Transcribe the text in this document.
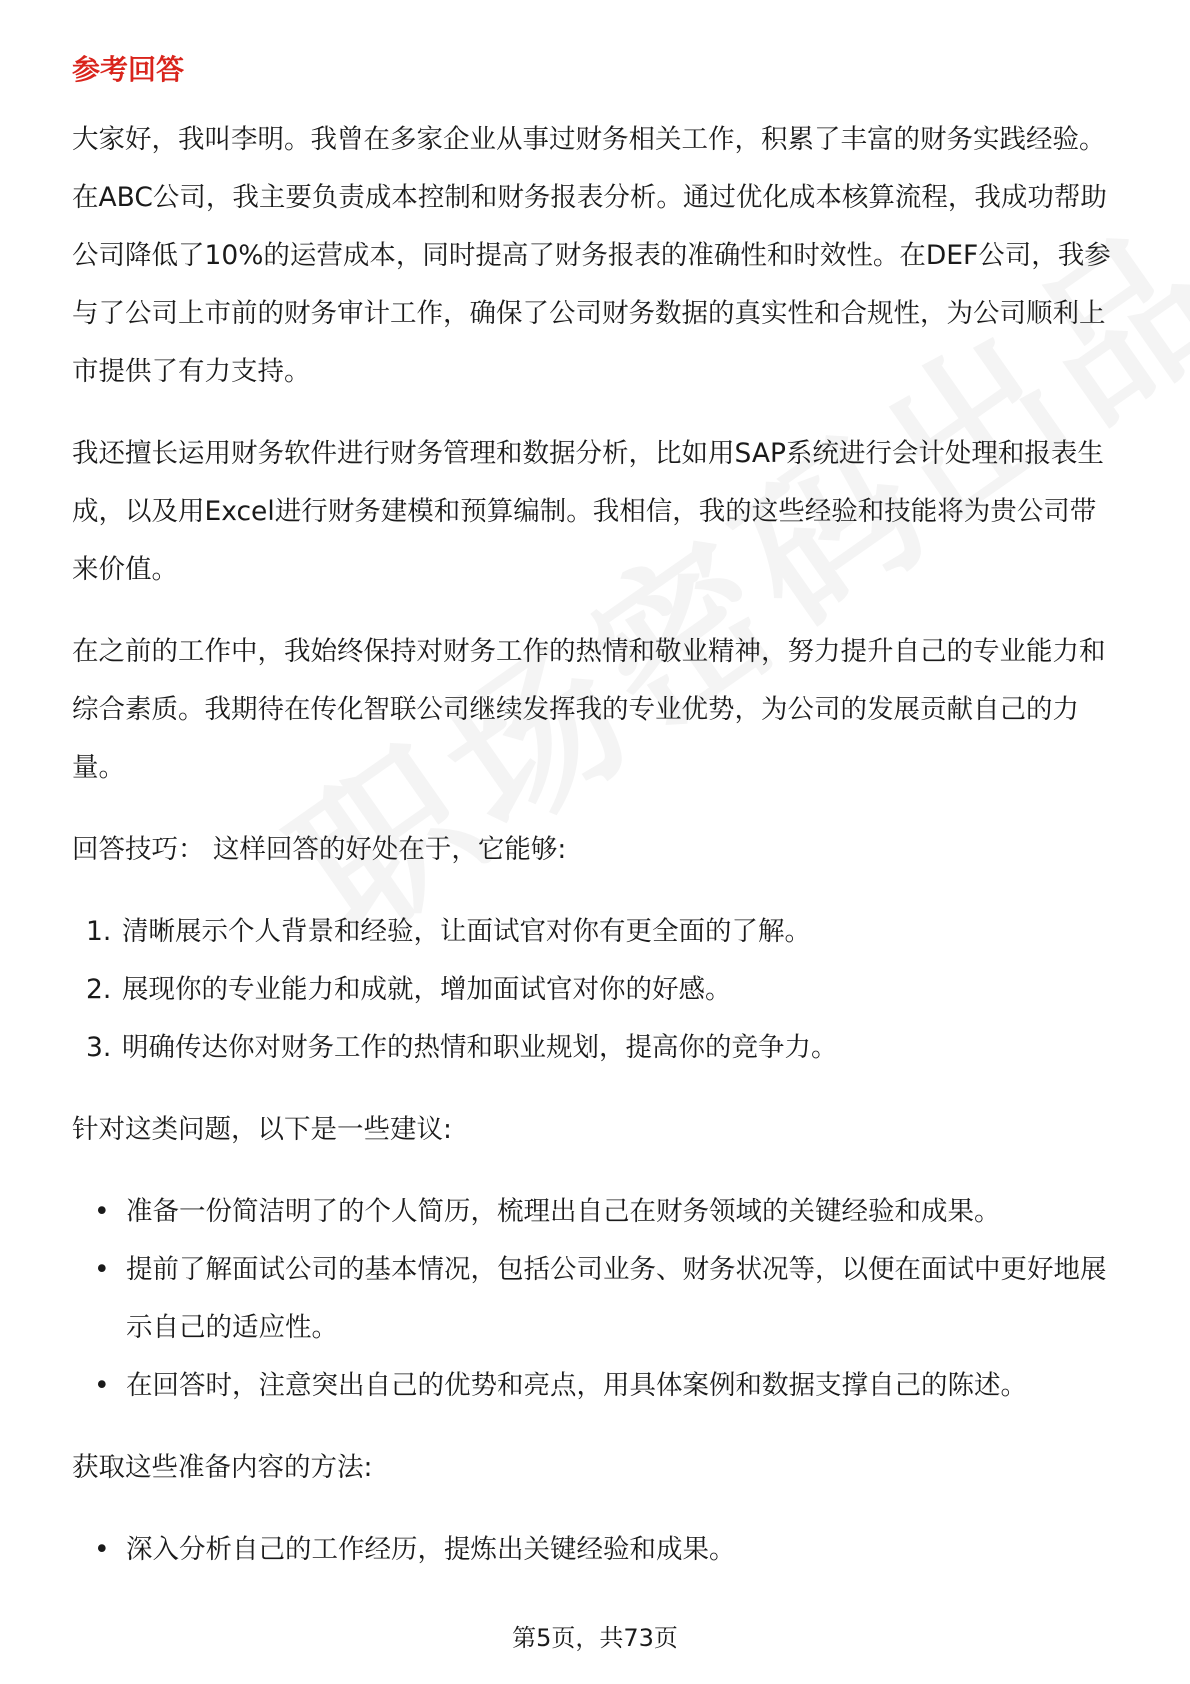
参考回答

大家好，我叫李明。我曾在多家企业从事过财务相关工作，积累了丰富的财务实践经验。在ABC公司，我主要负责成本控制和财务报表分析。通过优化成本核算流程，我成功帮助公司降低了10%的运营成本，同时提高了财务报表的准确性和时效性。在DEF公司，我参与了公司上市前的财务审计工作，确保了公司财务数据的真实性和合规性，为公司顺利上市提供了有力支持。

我还擅长运用财务软件进行财务管理和数据分析，比如用SAP系统进行会计处理和报表生成，以及用Excel进行财务建模和预算编制。我相信，我的这些经验和技能将为贵公司带来价值。

在之前的工作中，我始终保持对财务工作的热情和敬业精神，努力提升自己的专业能力和综合素质。我期待在传化智联公司继续发挥我的专业优势，为公司的发展贡献自己的力量。

回答技巧： 这样回答的好处在于，它能够:
1. 清晰展示个人背景和经验，让面试官对你有更全面的了解。
2. 展现你的专业能力和成就，增加面试官对你的好感。
3. 明确传达你对财务工作的热情和职业规划，提高你的竞争力。
针对这类问题，以下是一些建议:
• 准备一份简洁明了的个人简历，梳理出自己在财务领域的关键经验和成果。
• 提前了解面试公司的基本情况，包括公司业务、财务状况等，以便在面试中更好地展示自己的适应性。
• 在回答时，注意突出自己的优势和亮点，用具体案例和数据支撑自己的陈述。
获取这些准备内容的方法:
• 深入分析自己的工作经历，提炼出关键经验和成果。
第5页，共73页
